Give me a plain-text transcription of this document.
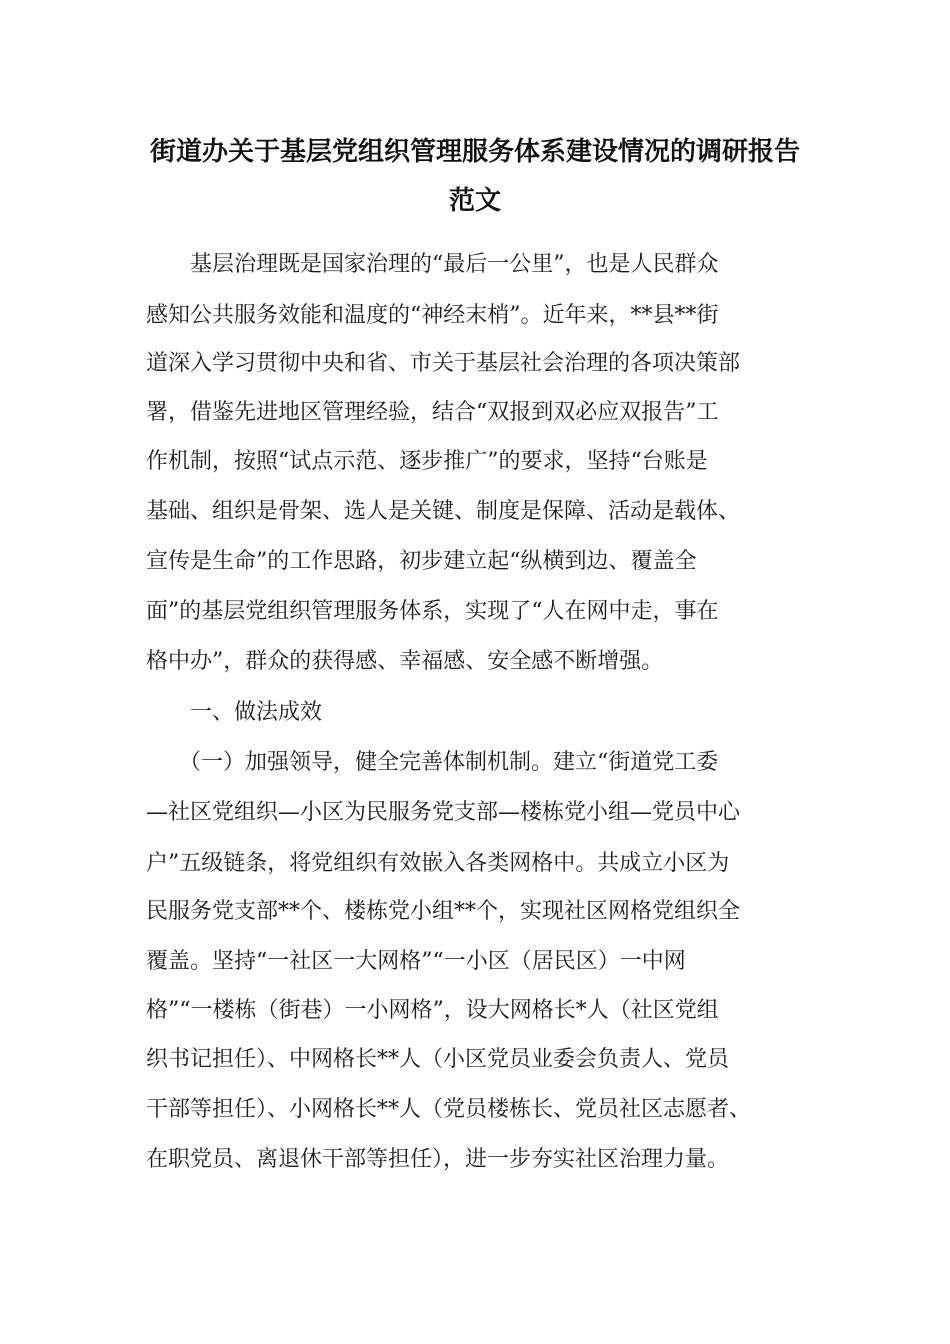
街道办关于基层党组织管理服务体系建设情况的调研报告
范文
　　基层治理既是国家治理的“最后一公里”，也是人民群众
感知公共服务效能和温度的“神经末梢”。近年来，**县**街
道深入学习贯彻中央和省、市关于基层社会治理的各项决策部
署，借鉴先进地区管理经验，结合“双报到双必应双报告”工
作机制，按照“试点示范、逐步推广”的要求，坚持“台账是
基础、组织是骨架、选人是关键、制度是保障、活动是载体、
宣传是生命”的工作思路，初步建立起“纵横到边、覆盖全
面”的基层党组织管理服务体系，实现了“人在网中走，事在
格中办”，群众的获得感、幸福感、安全感不断增强。
　　一、做法成效
　　（一）加强领导，健全完善体制机制。建立“街道党工委
—社区党组织—小区为民服务党支部—楼栋党小组—党员中心
户”五级链条，将党组织有效嵌入各类网格中。共成立小区为
民服务党支部**个、楼栋党小组**个，实现社区网格党组织全
覆盖。坚持“一社区一大网格”“一小区（居民区）一中网
格”“一楼栋（街巷）一小网格”，设大网格长*人（社区党组
织书记担任）、中网格长**人（小区党员业委会负责人、党员
干部等担任）、小网格长**人（党员楼栋长、党员社区志愿者、
在职党员、离退休干部等担任），进一步夯实社区治理力量。
